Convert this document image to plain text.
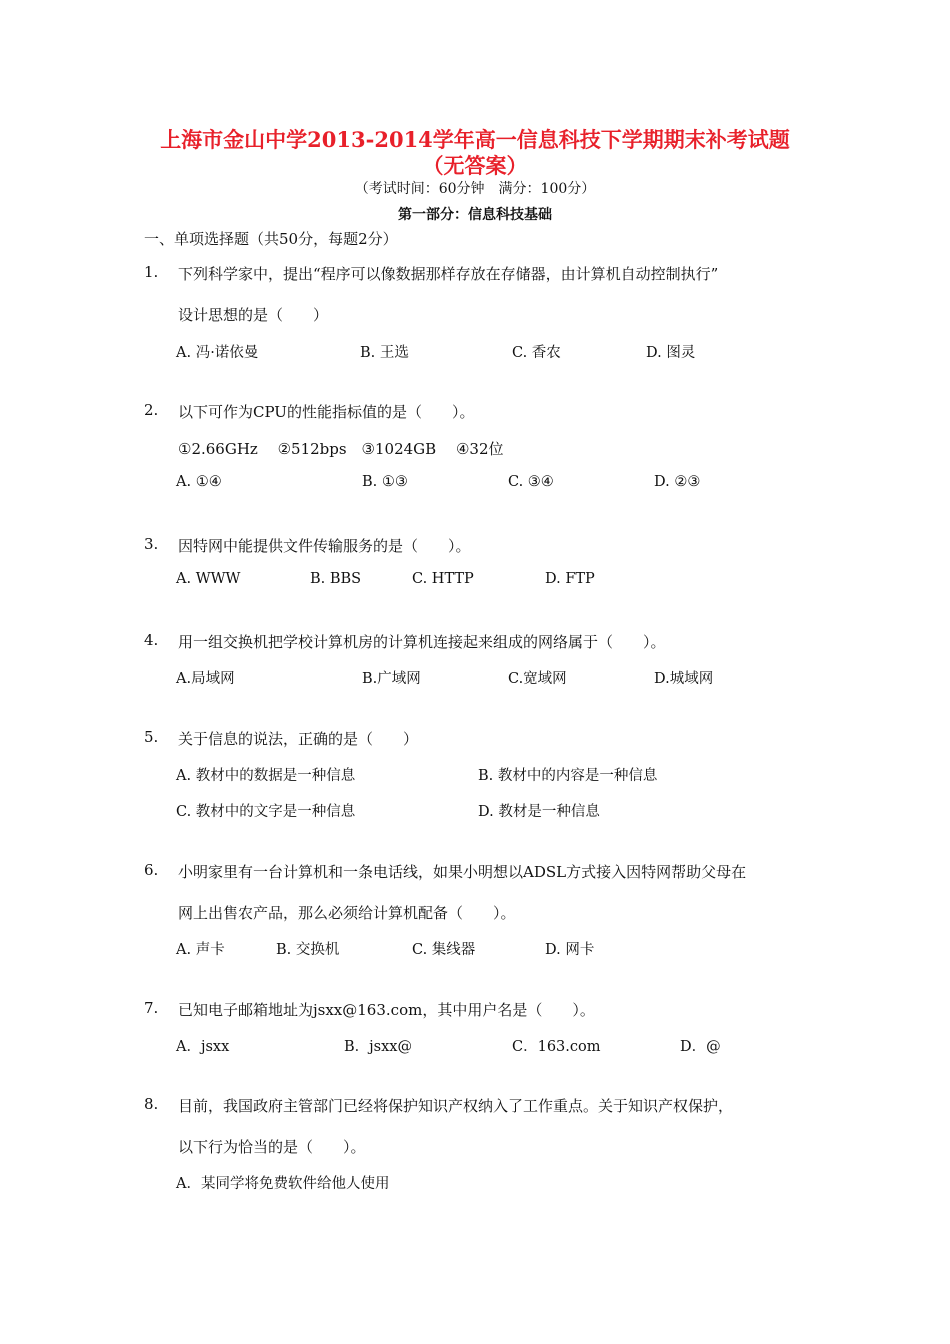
上海市金山中学2013-2014学年高一信息科技下学期期末补考试题
（无答案）
（考试时间：60分钟　满分：100分）
第一部分：信息科技基础
一、单项选择题（共50分，每题2分）
1. 下列科学家中，提出“程序可以像数据那样存放在存储器，由计算机自动控制执行”
设计思想的是（　　）
A. 冯·诺依曼	B. 王选	C. 香农	D. 图灵
2. 以下可作为CPU的性能指标值的是（　　）。
①2.66GHz　 ②512bps　③1024GB　 ④32位
A. ①④	B. ①③	C. ③④	D. ②③
3. 因特网中能提供文件传输服务的是（　　）。
A. WWW	B. BBS	C. HTTP	D. FTP
4. 用一组交换机把学校计算机房的计算机连接起来组成的网络属于（　　）。
A.局域网	B.广域网	C.宽域网	D.城域网
5. 关于信息的说法，正确的是（　　）
A. 教材中的数据是一种信息	B. 教材中的内容是一种信息
C. 教材中的文字是一种信息	D. 教材是一种信息
6. 小明家里有一台计算机和一条电话线，如果小明想以ADSL方式接入因特网帮助父母在
网上出售农产品，那么必须给计算机配备（　　）。
A. 声卡	B. 交换机	C. 集线器	D. 网卡
7. 已知电子邮箱地址为jsxx@163.com，其中用户名是（　　）。
A．jsxx	B．jsxx@	C．163.com	D．@
8. 目前，我国政府主管部门已经将保护知识产权纳入了工作重点。关于知识产权保护，
以下行为恰当的是（　　）。
A．某同学将免费软件给他人使用
